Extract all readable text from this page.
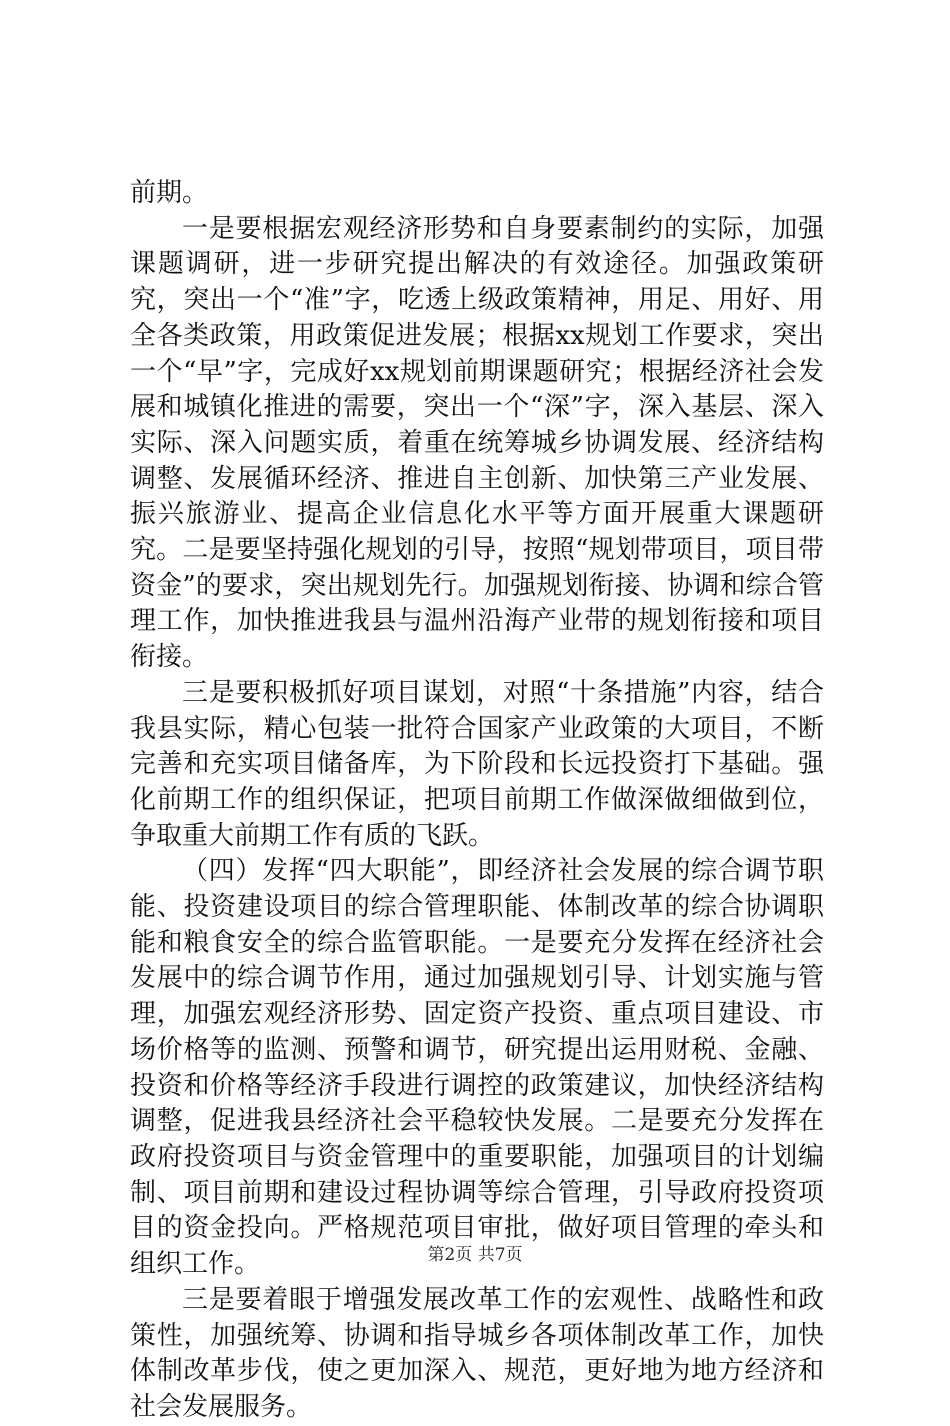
前期。

一是要根据宏观经济形势和自身要素制约的实际，加强课题调研，进一步研究提出解决的有效途径。加强政策研究，突出一个“准”字，吃透上级政策精神，用足、用好、用全各类政策，用政策促进发展；根据xx规划工作要求，突出一个“早”字，完成好xx规划前期课题研究；根据经济社会发展和城镇化推进的需要，突出一个“深”字，深入基层、深入实际、深入问题实质，着重在统筹城乡协调发展、经济结构调整、发展循环经济、推进自主创新、加快第三产业发展、振兴旅游业、提高企业信息化水平等方面开展重大课题研究。二是要坚持强化规划的引导，按照“规划带项目，项目带资金”的要求，突出规划先行。加强规划衔接、协调和综合管理工作，加快推进我县与温州沿海产业带的规划衔接和项目衔接。

三是要积极抓好项目谋划，对照“十条措施”内容，结合我县实际，精心包装一批符合国家产业政策的大项目，不断完善和充实项目储备库，为下阶段和长远投资打下基础。强化前期工作的组织保证，把项目前期工作做深做细做到位，争取重大前期工作有质的飞跃。

（四）发挥“四大职能”，即经济社会发展的综合调节职能、投资建设项目的综合管理职能、体制改革的综合协调职能和粮食安全的综合监管职能。一是要充分发挥在经济社会发展中的综合调节作用，通过加强规划引导、计划实施与管理，加强宏观经济形势、固定资产投资、重点项目建设、市场价格等的监测、预警和调节，研究提出运用财税、金融、投资和价格等经济手段进行调控的政策建议，加快经济结构调整，促进我县经济社会平稳较快发展。二是要充分发挥在政府投资项目与资金管理中的重要职能，加强项目的计划编制、项目前期和建设过程协调等综合管理，引导政府投资项目的资金投向。严格规范项目审批，做好项目管理的牵头和组织工作。

三是要着眼于增强发展改革工作的宏观性、战略性和政策性，加强统筹、协调和指导城乡各项体制改革工作，加快体制改革步伐，使之更加深入、规范，更好地为地方经济和社会发展服务。

第2页 共7页
